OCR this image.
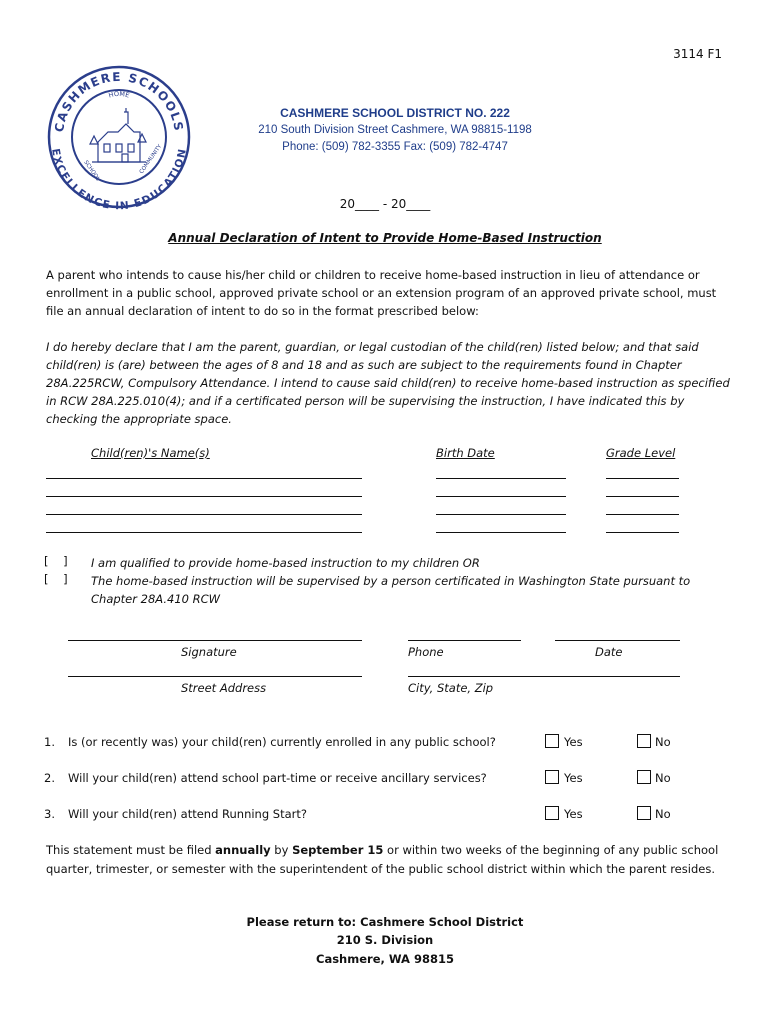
3114 F1
CASHMERE SCHOOLS
EXCELLENCE IN EDUCATION
HOME
SCHOOL	COMMUNITY
CASHMERE SCHOOL DISTRICT NO. 222
210 South Division Street Cashmere, WA 98815-1198
Phone: (509) 782-3355 Fax: (509) 782-4747
20____ - 20____
Annual Declaration of Intent to Provide Home-Based Instruction
A parent who intends to cause his/her child or children to receive home-based instruction in lieu of attendance or enrollment in a public school, approved private school or an extension program of an approved private school, must file an annual declaration of intent to do so in the format prescribed below:
I do hereby declare that I am the parent, guardian, or legal custodian of the child(ren) listed below; and that said child(ren) is (are) between the ages of 8 and 18 and as such are subject to the requirements found in Chapter 28A.225RCW, Compulsory Attendance. I intend to cause said child(ren) to receive home-based instruction as specified in RCW 28A.225.010(4); and if a certificated person will be supervising the instruction, I have indicated this by checking the appropriate space.
Child(ren)'s Name(s)	Birth Date	Grade Level
[    ] I am qualified to provide home-based instruction to my children OR
[    ] The home-based instruction will be supervised by a person certificated in Washington State pursuant to Chapter 28A.410 RCW
Signature	Phone	Date
Street Address	City, State, Zip
1. Is (or recently was) your child(ren) currently enrolled in any public school?	Yes	No
2. Will your child(ren) attend school part-time or receive ancillary services?	Yes	No
3. Will your child(ren) attend Running Start?	Yes	No
This statement must be filed annually by September 15 or within two weeks of the beginning of any public school quarter, trimester, or semester with the superintendent of the public school district within which the parent resides.
Please return to: Cashmere School District
210 S. Division
Cashmere, WA 98815
